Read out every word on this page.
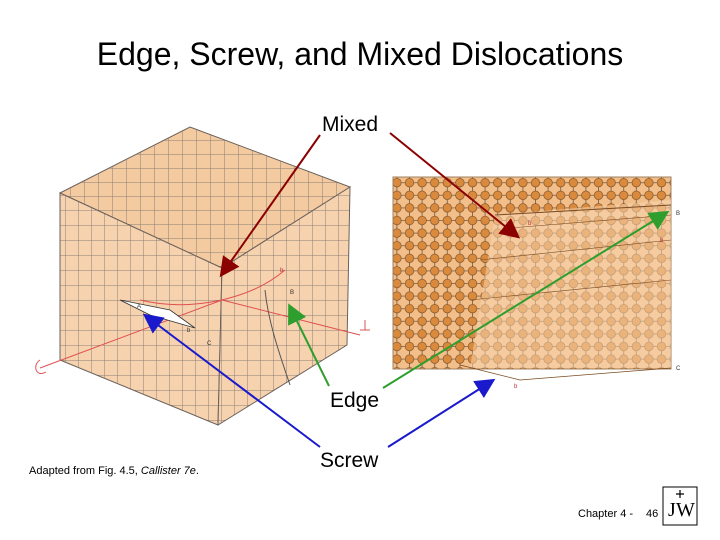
Edge, Screw, and Mixed Dislocations
A
b
C
B
b
B
C
b
b
b
Mixed
Edge
Screw
Adapted from Fig. 4.5, Callister 7e.
Chapter 4 - 46 J W
